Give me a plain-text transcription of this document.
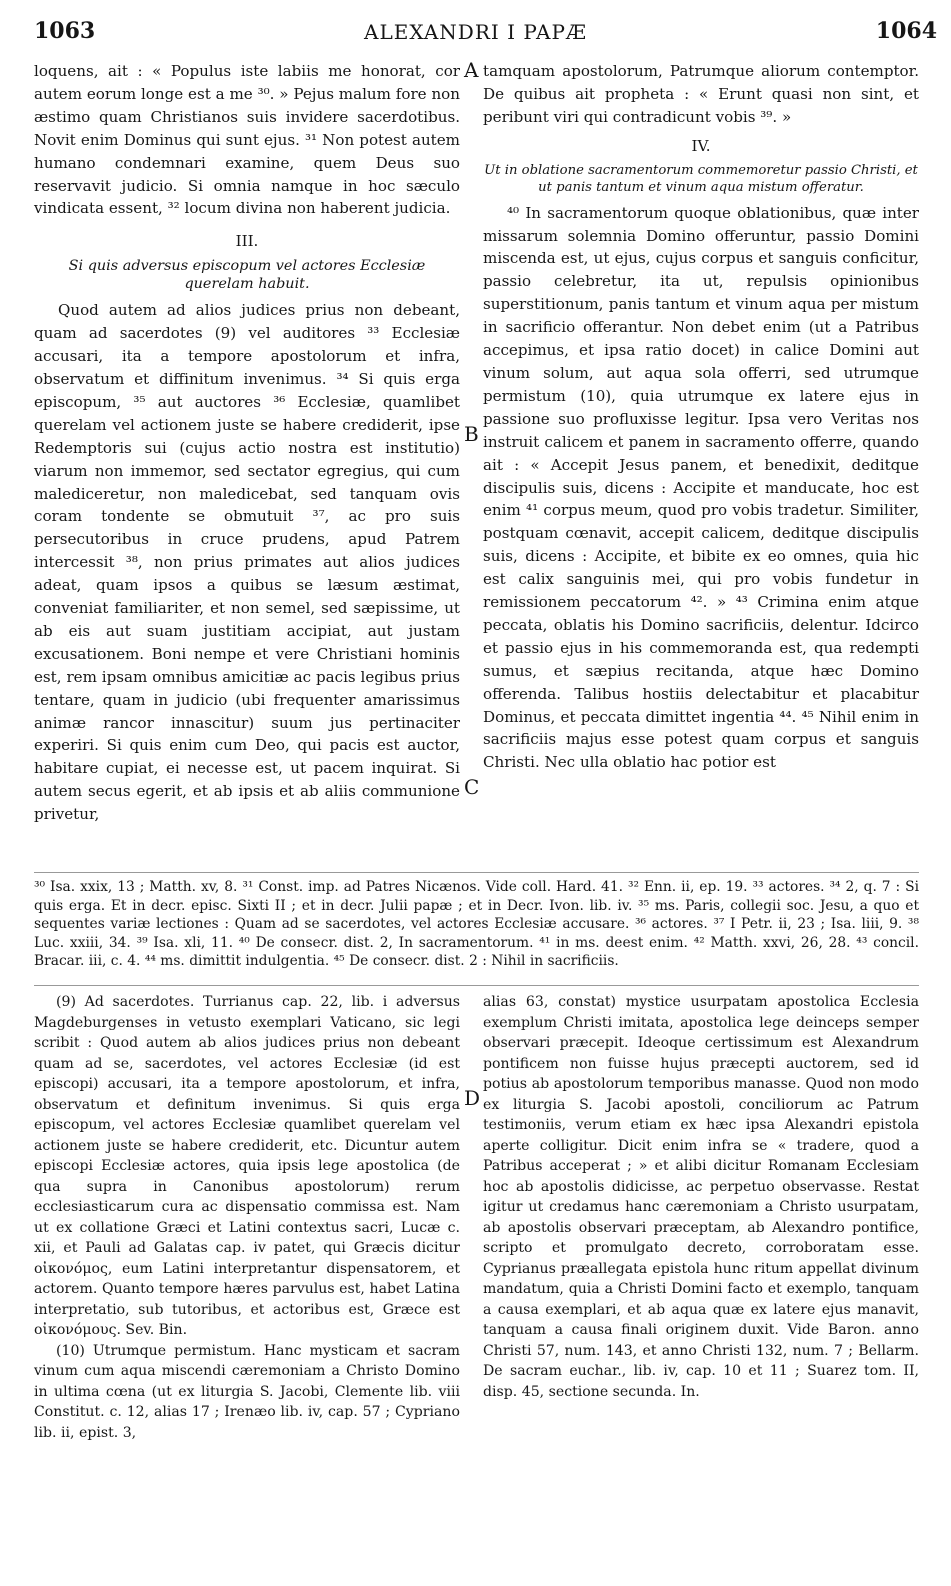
1063	ALEXANDRI I PAPÆ	1064

loquens, ait : « Populus iste labiis me honorat, cor autem eorum longe est a me ³⁰. » Pejus malum fore non æstimo quam Christianos suis invidere sacerdotibus. Novit enim Dominus qui sunt ejus. ³¹ Non potest autem humano condemnari examine, quem Deus suo reservavit judicio. Si omnia namque in hoc sæculo vindicata essent, ³² locum divina non haberent judicia.

III.

Si quis adversus episcopum vel actores Ecclesiæ querelam habuit.

Quod autem ad alios judices prius non debeant, quam ad sacerdotes (9) vel auditores ³³ Ecclesiæ accusari, ita a tempore apostolorum et infra, observatum et diffinitum invenimus. ³⁴ Si quis erga episcopum, ³⁵ aut auctores ³⁶ Ecclesiæ, quamlibet querelam vel actionem juste se habere crediderit, ipse Redemptoris sui (cujus actio nostra est institutio) viarum non immemor, sed sectator egregius, qui cum malediceretur, non maledicebat, sed tanquam ovis coram tondente se obmutuit ³⁷, ac pro suis persecutoribus in cruce prudens, apud Patrem intercessit ³⁸, non prius primates aut alios judices adeat, quam ipsos a quibus se læsum æstimat, conveniat familiariter, et non semel, sed sæpissime, ut ab eis aut suam justitiam accipiat, aut justam excusationem. Boni nempe et vere Christiani hominis est, rem ipsam omnibus amicitiæ ac pacis legibus prius tentare, quam in judicio (ubi frequenter amarissimus animæ rancor innascitur) suum jus pertinaciter experiri. Si quis enim cum Deo, qui pacis est auctor, habitare cupiat, ei necesse est, ut pacem inquirat. Si autem secus egerit, et ab ipsis et ab aliis communione privetur,

tamquam apostolorum, Patrumque aliorum contemptor. De quibus ait propheta : « Erunt quasi non sint, et peribunt viri qui contradicunt vobis ³⁹. »

IV.

Ut in oblatione sacramentorum commemoretur passio Christi, et ut panis tantum et vinum aqua mistum offeratur.

⁴⁰ In sacramentorum quoque oblationibus, quæ inter missarum solemnia Domino offeruntur, passio Domini miscenda est, ut ejus, cujus corpus et sanguis conficitur, passio celebretur, ita ut, repulsis opinionibus superstitionum, panis tantum et vinum aqua per mistum in sacrificio offerantur. Non debet enim (ut a Patribus accepimus, et ipsa ratio docet) in calice Domini aut vinum solum, aut aqua sola offerri, sed utrumque permistum (10), quia utrumque ex latere ejus in passione suo profluxisse legitur. Ipsa vero Veritas nos instruit calicem et panem in sacramento offerre, quando ait : « Accepit Jesus panem, et benedixit, deditque discipulis suis, dicens : Accipite et manducate, hoc est enim ⁴¹ corpus meum, quod pro vobis tradetur. Similiter, postquam cœnavit, accepit calicem, deditque discipulis suis, dicens : Accipite, et bibite ex eo omnes, quia hic est calix sanguinis mei, qui pro vobis fundetur in remissionem peccatorum ⁴². » ⁴³ Crimina enim atque peccata, oblatis his Domino sacrificiis, delentur. Idcirco et passio ejus in his commemoranda est, qua redempti sumus, et sæpius recitanda, atque hæc Domino offerenda. Talibus hostiis delectabitur et placabitur Dominus, et peccata dimittet ingentia ⁴⁴. ⁴⁵ Nihil enim in sacrificiis majus esse potest quam corpus et sanguis Christi. Nec ulla oblatio hac potior est

A
B
C
D

³⁰ Isa. xxix, 13 ; Matth. xv, 8. ³¹ Const. imp. ad Patres Nicænos. Vide coll. Hard. 41. ³² Enn. ii, ep. 19. ³³ actores. ³⁴ 2, q. 7 : Si quis erga. Et in decr. episc. Sixti II ; et in decr. Julii papæ ; et in Decr. Ivon. lib. iv. ³⁵ ms. Paris, collegii soc. Jesu, a quo et sequentes variæ lectiones : Quam ad se sacerdotes, vel actores Ecclesiæ accusare. ³⁶ actores. ³⁷ I Petr. ii, 23 ; Isa. liii, 9. ³⁸ Luc. xxiii, 34. ³⁹ Isa. xli, 11. ⁴⁰ De consecr. dist. 2, In sacramentorum. ⁴¹ in ms. deest enim. ⁴² Matth. xxvi, 26, 28. ⁴³ concil. Bracar. iii, c. 4. ⁴⁴ ms. dimittit indulgentia. ⁴⁵ De consecr. dist. 2 : Nihil in sacrificiis.

(9) Ad sacerdotes. Turrianus cap. 22, lib. i adversus Magdeburgenses in vetusto exemplari Vaticano, sic legi scribit : Quod autem ab alios judices prius non debeant quam ad se, sacerdotes, vel actores Ecclesiæ (id est episcopi) accusari, ita a tempore apostolorum, et infra, observatum et definitum invenimus. Si quis erga episcopum, vel actores Ecclesiæ quamlibet querelam vel actionem juste se habere crediderit, etc. Dicuntur autem episcopi Ecclesiæ actores, quia ipsis lege apostolica (de qua supra in Canonibus apostolorum) rerum ecclesiasticarum cura ac dispensatio commissa est. Nam ut ex collatione Græci et Latini contextus sacri, Lucæ c. xii, et Pauli ad Galatas cap. iv patet, qui Græcis dicitur οἰκονόμος, eum Latini interpretantur dispensatorem, et actorem. Quanto tempore hæres parvulus est, habet Latina interpretatio, sub tutoribus, et actoribus est, Græce est οἰκονόμους. Sev. Bin.

(10) Utrumque permistum. Hanc mysticam et sacram vinum cum aqua miscendi cæremoniam a Christo Domino in ultima cœna (ut ex liturgia S. Jacobi, Clemente lib. viii Constitut. c. 12, alias 17 ; Irenæo lib. iv, cap. 57 ; Cypriano lib. ii, epist. 3,

alias 63, constat) mystice usurpatam apostolica Ecclesia exemplum Christi imitata, apostolica lege deinceps semper observari præcepit. Ideoque certissimum est Alexandrum pontificem non fuisse hujus præcepti auctorem, sed id potius ab apostolorum temporibus manasse. Quod non modo ex liturgia S. Jacobi apostoli, conciliorum ac Patrum testimoniis, verum etiam ex hæc ipsa Alexandri epistola aperte colligitur. Dicit enim infra se « tradere, quod a Patribus acceperat ; » et alibi dicitur Romanam Ecclesiam hoc ab apostolis didicisse, ac perpetuo observasse. Restat igitur ut credamus hanc cæremoniam a Christo usurpatam, ab apostolis observari præceptam, ab Alexandro pontifice, scripto et promulgato decreto, corroboratam esse. Cyprianus præallegata epistola hunc ritum appellat divinum mandatum, quia a Christi Domini facto et exemplo, tanquam a causa exemplari, et ab aqua quæ ex latere ejus manavit, tanquam a causa finali originem duxit. Vide Baron. anno Christi 57, num. 143, et anno Christi 132, num. 7 ; Bellarm. De sacram euchar., lib. iv, cap. 10 et 11 ; Suarez tom. II, disp. 45, sectione secunda. In.
